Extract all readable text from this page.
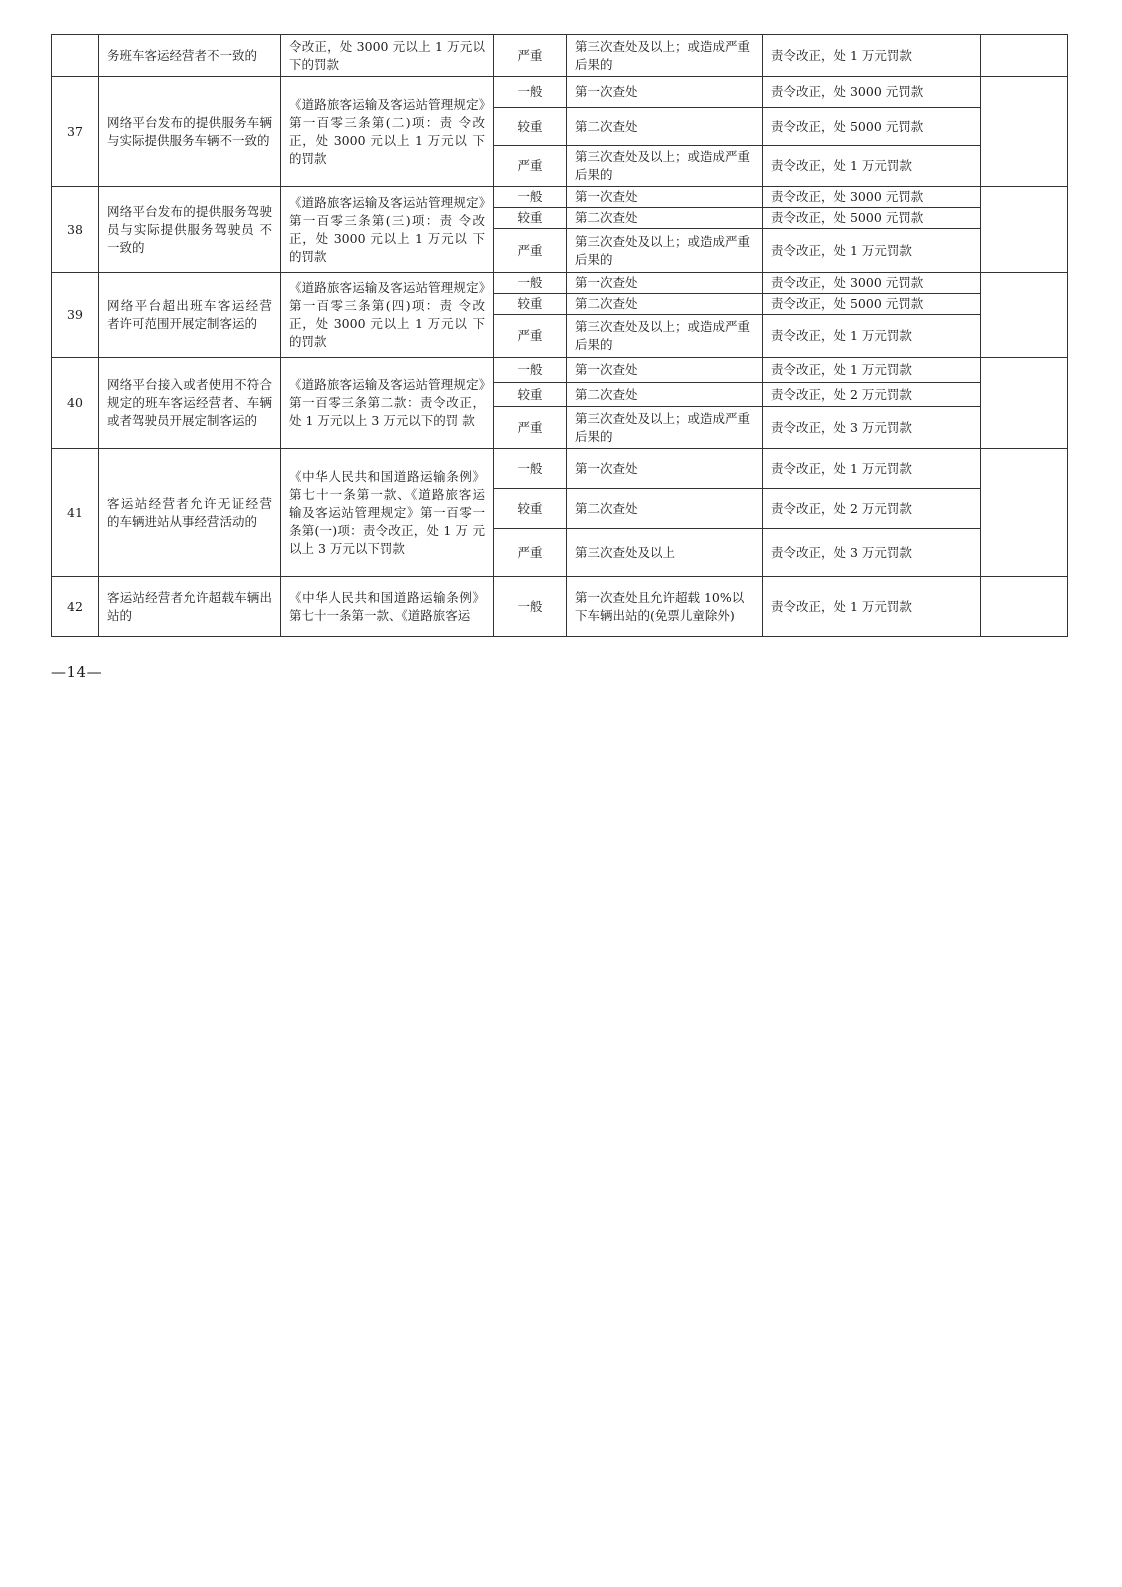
	务班车客运经营者不一致的	令改正，处 3000 元以上 1 万元以 下的罚款	严重	第三次查处及以上；或造成严重后果的	责令改正，处 1 万元罚款	
37	网络平台发布的提供服务车辆与实际提供服务车辆不一致的	《道路旅客运输及客运站管理规定》第一百零三条第(二)项：责 令改正，处 3000 元以上 1 万元以 下的罚款	一般	第一次查处	责令改正，处 3000 元罚款	
			较重	第二次查处	责令改正，处 5000 元罚款	
			严重	第三次查处及以上；或造成严重后果的	责令改正，处 1 万元罚款	
38	网络平台发布的提供服务驾驶员与实际提供服务驾驶员 不一致的	《道路旅客运输及客运站管理规定》第一百零三条第(三)项：责 令改正，处 3000 元以上 1 万元以 下的罚款	一般	第一次查处	责令改正，处 3000 元罚款	
			较重	第二次查处	责令改正，处 5000 元罚款	
			严重	第三次查处及以上；或造成严重后果的	责令改正，处 1 万元罚款	
39	网络平台超出班车客运经营 者许可范围开展定制客运的	《道路旅客运输及客运站管理规定》第一百零三条第(四)项：责 令改正，处 3000 元以上 1 万元以 下的罚款	一般	第一次查处	责令改正，处 3000 元罚款	
			较重	第二次查处	责令改正，处 5000 元罚款	
			严重	第三次查处及以上；或造成严重后果的	责令改正，处 1 万元罚款	
40	网络平台接入或者使用不符合规定的班车客运经营者、车辆或者驾驶员开展定制客运的	《道路旅客运输及客运站管理规定》第一百零三条第二款：责令改正，处 1 万元以上 3 万元以下的罚 款	一般	第一次查处	责令改正，处 1 万元罚款	
			较重	第二次查处	责令改正，处 2 万元罚款	
			严重	第三次查处及以上；或造成严重后果的	责令改正，处 3 万元罚款	
41	客运站经营者允许无证经营 的车辆进站从事经营活动的	《中华人民共和国道路运输条例》 第七十一条第一款、《道路旅客运 输及客运站管理规定》第一百零一 条第(一)项：责令改正，处 1 万 元以上 3 万元以下罚款	一般	第一次查处	责令改正，处 1 万元罚款	
			较重	第二次查处	责令改正，处 2 万元罚款	
			严重	第三次查处及以上	责令改正，处 3 万元罚款	
42	客运站经营者允许超载车辆出站的	《中华人民共和国道路运输条例》 第七十一条第一款、《道路旅客运	一般	第一次查处且允许超载 10%以下车辆出站的(免票儿童除外)	责令改正，处 1 万元罚款	
—14—
